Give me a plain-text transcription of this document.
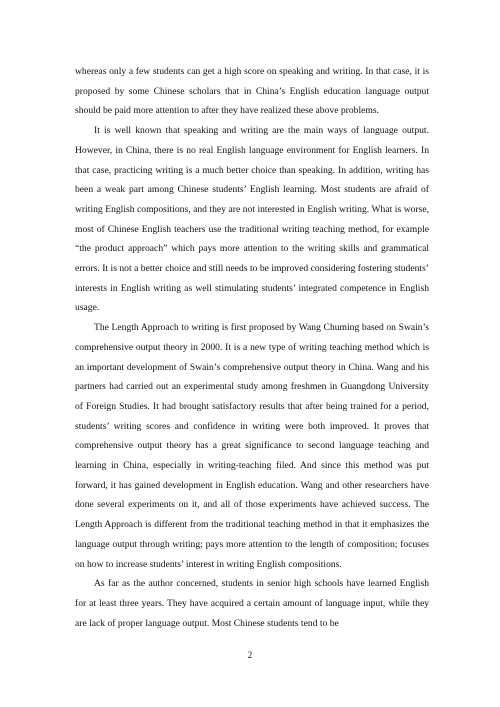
whereas only a few students can get a high score on speaking and writing. In that case, it is proposed by some Chinese scholars that in China’s English education language output should be paid more attention to after they have realized these above problems.

It is well known that speaking and writing are the main ways of language output. However, in China, there is no real English language environment for English learners. In that case, practicing writing is a much better choice than speaking. In addition, writing has been a weak part among Chinese students’ English learning. Most students are afraid of writing English compositions, and they are not interested in English writing. What is worse, most of Chinese English teachers use the traditional writing teaching method, for example “the product approach” which pays more attention to the writing skills and grammatical errors. It is not a better choice and still needs to be improved considering fostering students’ interests in English writing as well stimulating students’ integrated competence in English usage.

The Length Approach to writing is first proposed by Wang Chuming based on Swain’s comprehensive output theory in 2000. It is a new type of writing teaching method which is an important development of Swain’s comprehensive output theory in China. Wang and his partners had carried out an experimental study among freshmen in Guangdong University of Foreign Studies. It had brought satisfactory results that after being trained for a period, students’ writing scores and confidence in writing were both improved. It proves that comprehensive output theory has a great significance to second language teaching and learning in China, especially in writing-teaching filed. And since this method was put forward, it has gained development in English education. Wang and other researchers have done several experiments on it, and all of those experiments have achieved success. The Length Approach is different from the traditional teaching method in that it emphasizes the language output through writing; pays more attention to the length of composition; focuses on how to increase students’ interest in writing English compositions.

As far as the author concerned, students in senior high schools have learned English for at least three years. They have acquired a certain amount of language input, while they are lack of proper language output. Most Chinese students tend to be

2
